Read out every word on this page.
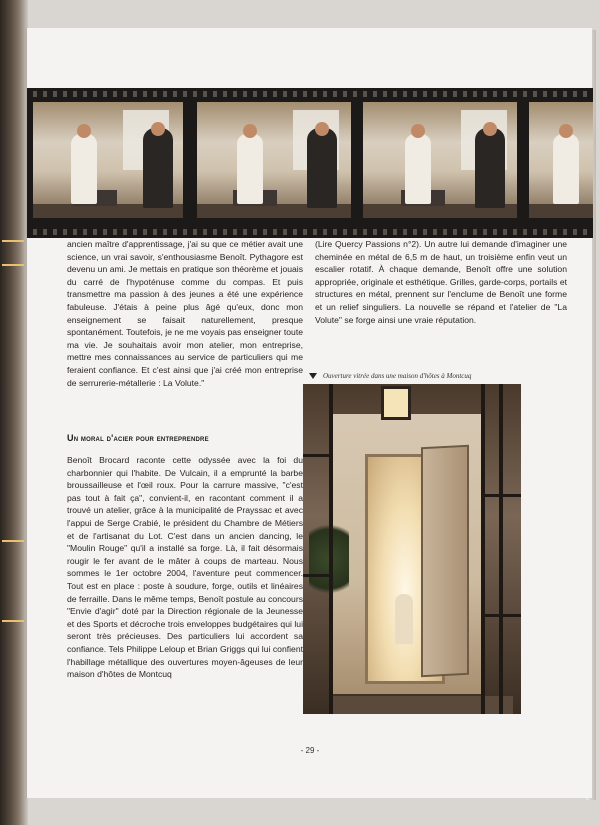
ancien maître d'apprentissage, j'ai su que ce métier avait une science, un vrai savoir, s'enthousiasme Benoît. Pythagore est devenu un ami. Je mettais en pratique son théorème et jouais du carré de l'hypoténuse comme du compas. Et puis transmettre ma passion à des jeunes a été une expérience fabuleuse. J'étais à peine plus âgé qu'eux, donc mon enseignement se faisait naturellement, presque spontanément. Toutefois, je ne me voyais pas enseigner toute ma vie. Je souhaitais avoir mon atelier, mon entreprise, mettre mes connaissances au service de particuliers qui me feraient confiance. Et c'est ainsi que j'ai créé mon entreprise de serrurerie-métallerie : La Volute."

Un moral d'acier pour entreprendre

Benoît Brocard raconte cette odyssée avec la foi du charbonnier qui l'habite. De Vulcain, il a emprunté la barbe broussailleuse et l'œil roux. Pour la carrure massive, "c'est pas tout à fait ça", convient-il, en racontant comment il a trouvé un atelier, grâce à la municipalité de Prayssac et avec l'appui de Serge Crabié, le président du Chambre de Métiers et de l'artisanat du Lot. C'est dans un ancien dancing, le "Moulin Rouge" qu'il a installé sa forge. Là, il fait désormais rougir le fer avant de le mâter à coups de marteau. Nous sommes le 1er octobre 2004, l'aventure peut commencer. Tout est en place : poste à soudure, forge, outils et linéaires de ferraille. Dans le même temps, Benoît postule au concours "Envie d'agir" doté par la Direction régionale de la Jeunesse et des Sports et décroche trois enveloppes budgétaires qui lui seront très précieuses. Des particuliers lui accordent sa confiance. Tels Philippe Leloup et Brian Griggs qui lui confient l'habillage métallique des ouvertures moyen-âgeuses de leur maison d'hôtes de Montcuq

(Lire Quercy Passions n°2). Un autre lui demande d'imaginer une cheminée en métal de 6,5 m de haut, un troisième enfin veut un escalier rotatif. À chaque demande, Benoît offre une solution appropriée, originale et esthétique. Grilles, garde-corps, portails et structures en métal, prennent sur l'enclume de Benoît une forme et un relief singuliers. La nouvelle se répand et l'atelier de "La Volute" se forge ainsi une vraie réputation.

Ouverture vitrée dans une maison d'hôtes à Montcuq
- 29 -
